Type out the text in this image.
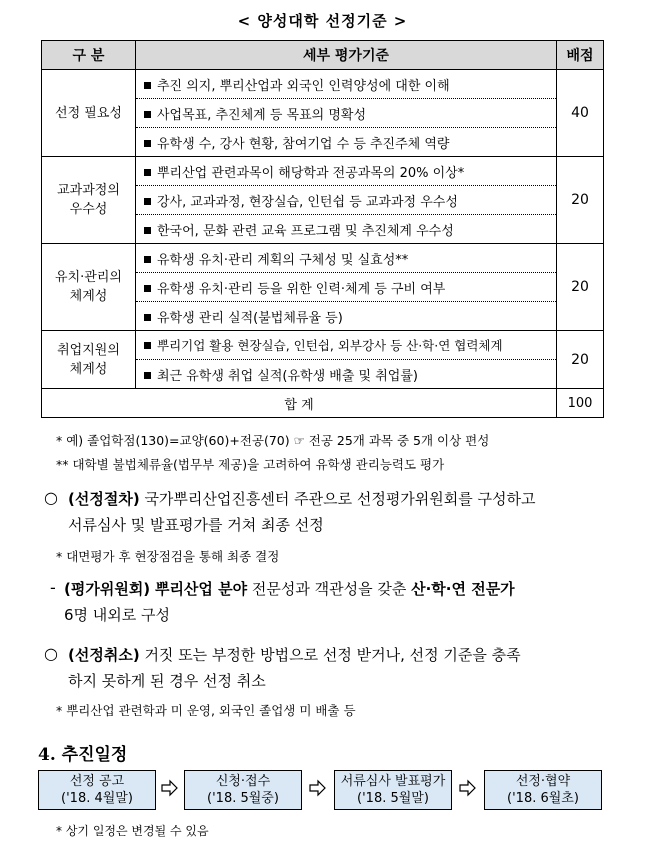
< 양성대학 선정기준 >
구 분	세부 평가기준	배점
선정 필요성	추진 의지, 뿌리산업과 외국인 인력양성에 대한 이해	40
	사업목표, 추진체계 등 목표의 명확성	
	유학생 수, 강사 현황, 참여기업 수 등 추진주체 역량	
교과과정의
우수성	뿌리산업 관련과목이 해당학과 전공과목의 20% 이상*	20
	강사, 교과과정, 현장실습, 인턴쉽 등 교과과정 우수성	
	한국어, 문화 관련 교육 프로그램 및 추진체계 우수성	
유치·관리의
체계성	유학생 유치·관리 계획의 구체성 및 실효성**	20
	유학생 유치·관리 등을 위한 인력·체계 등 구비 여부	
	유학생 관리 실적(불법체류율 등)	
취업지원의
체계성	뿌리기업 활용 현장실습, 인턴쉽, 외부강사 등 산·학·연 협력체계	20
	최근 유학생 취업 실적(유학생 배출 및 취업률)	
합 계		100
* 예) 졸업학점(130)=교양(60)+전공(70) ☞ 전공 25개 과목 중 5개 이상 편성
** 대학별 불법체류율(법무부 제공)을 고려하여 유학생 관리능력도 평가
○ (선정절차) 국가뿌리산업진흥센터 주관으로 선정평가위원회를 구성하고
서류심사 및 발표평가를 거쳐 최종 선정
* 대면평가 후 현장점검을 통해 최종 결정
- (평가위원회) 뿌리산업 분야 전문성과 객관성을 갖춘 산·학·연 전문가
6명 내외로 구성
○ (선정취소) 거짓 또는 부정한 방법으로 선정 받거나, 선정 기준을 충족
하지 못하게 된 경우 선정 취소
* 뿌리산업 관련학과 미 운영, 외국인 졸업생 미 배출 등
4. 추진일정
선정 공고
('18. 4월말)
신청·접수
('18. 5월중)
서류심사 발표평가
('18. 5월말)
선정·협약
('18. 6월초)
* 상기 일정은 변경될 수 있음
